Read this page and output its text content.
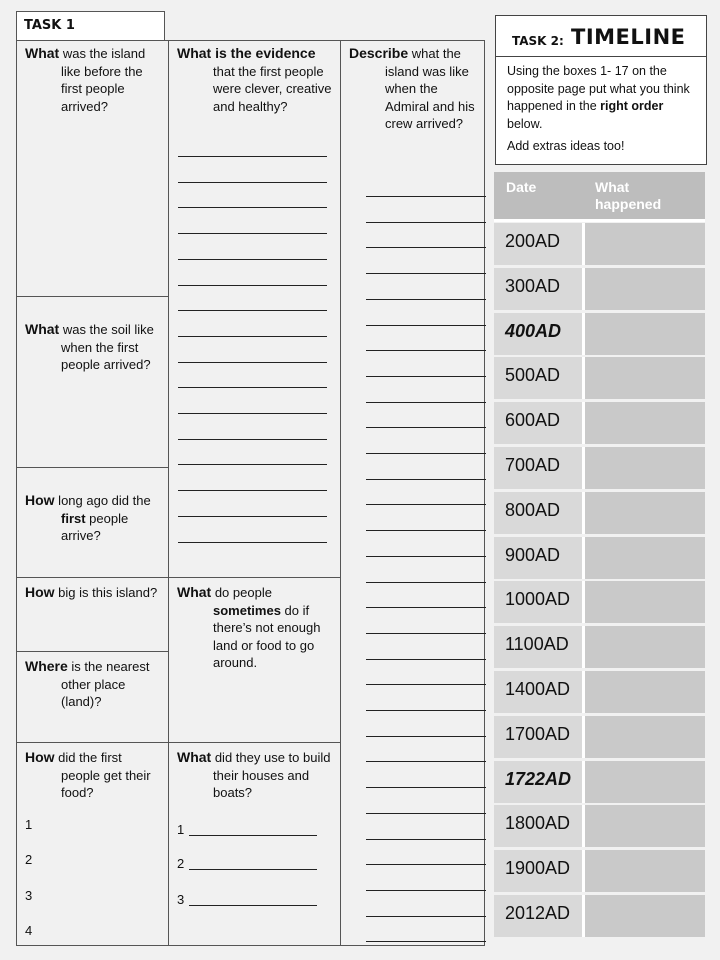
TASK 1
What was the island like before the first people arrived?
What was the soil like when the first people arrived?
How long ago did the first people arrive?
How big is this island?
Where is the nearest other place (land)?
How did the first people get their food?
1
2
3
4
What is the evidence that the first people were clever, creative and healthy?
What do people sometimes do if there’s not enough land or food to go around.
What did they use to build their houses and boats?
1
2
3
Describe what the island was like when the Admiral and his crew arrived?
TASK 2: TIMELINE
Using the boxes 1- 17 on the opposite page put what you think happened in the right order below.
Add extras ideas too!
Date	What happened
200AD
300AD
400AD
500AD
600AD
700AD
800AD
900AD
1000AD
1100AD
1400AD
1700AD
1722AD
1800AD
1900AD
2012AD
